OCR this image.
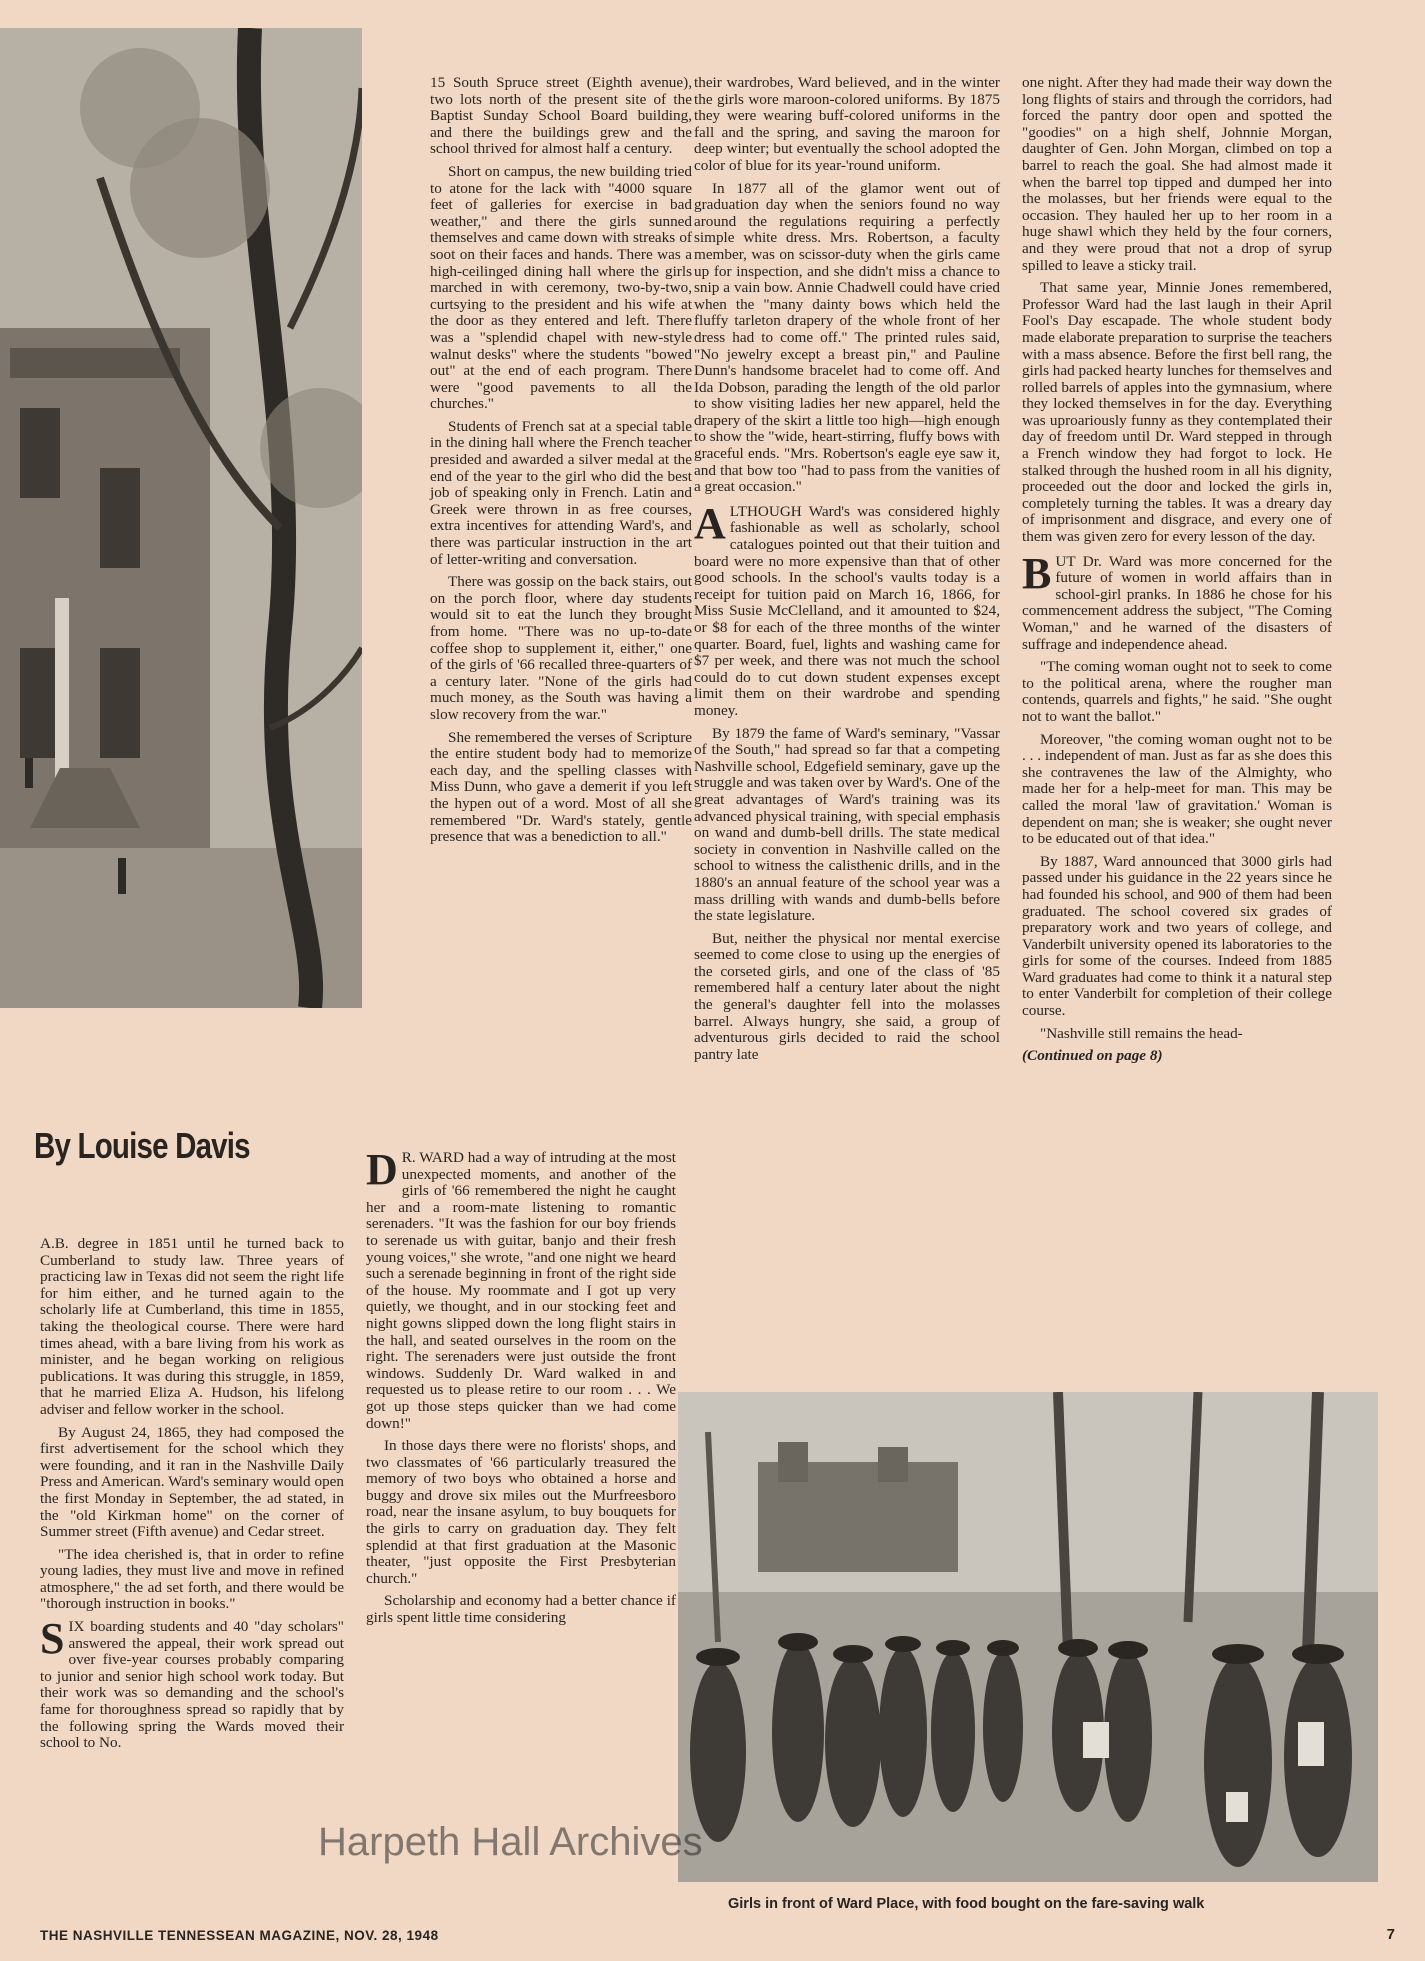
By Louise Davis

A.B. degree in 1851 until he turned back to Cumberland to study law. Three years of practicing law in Texas did not seem the right life for him either, and he turned again to the scholarly life at Cumberland, this time in 1855, taking the theological course. There were hard times ahead, with a bare living from his work as minister, and he began working on religious publications. It was during this struggle, in 1859, that he married Eliza A. Hudson, his lifelong adviser and fellow worker in the school.

By August 24, 1865, they had composed the first advertisement for the school which they were founding, and it ran in the Nashville Daily Press and American. Ward's seminary would open the first Monday in September, the ad stated, in the "old Kirkman home" on the corner of Summer street (Fifth avenue) and Cedar street.

"The idea cherished is, that in order to refine young ladies, they must live and move in refined atmosphere," the ad set forth, and there would be "thorough instruction in books."

SIX boarding students and 40 "day scholars" answered the appeal, their work spread out over five-year courses probably comparing to junior and senior high school work today. But their work was so demanding and the school's fame for thoroughness spread so rapidly that by the following spring the Wards moved their school to No.

15 South Spruce street (Eighth avenue), two lots north of the present site of the Baptist Sunday School Board building, and there the buildings grew and the school thrived for almost half a century.

Short on campus, the new building tried to atone for the lack with "4000 square feet of galleries for exercise in bad weather," and there the girls sunned themselves and came down with streaks of soot on their faces and hands. There was a high-ceilinged dining hall where the girls marched in with ceremony, two-by-two, curtsying to the president and his wife at the door as they entered and left. There was a "splendid chapel with new-style walnut desks" where the students "bowed out" at the end of each program. There were "good pavements to all the churches."

Students of French sat at a special table in the dining hall where the French teacher presided and awarded a silver medal at the end of the year to the girl who did the best job of speaking only in French. Latin and Greek were thrown in as free courses, extra incentives for attending Ward's, and there was particular instruction in the art of letter-writing and conversation.

There was gossip on the back stairs, out on the porch floor, where day students would sit to eat the lunch they brought from home. "There was no up-to-date coffee shop to supplement it, either," one of the girls of '66 recalled three-quarters of a century later. "None of the girls had much money, as the South was having a slow recovery from the war."

She remembered the verses of Scripture the entire student body had to memorize each day, and the spelling classes with Miss Dunn, who gave a demerit if you left the hypen out of a word. Most of all she remembered "Dr. Ward's stately, gentle presence that was a benediction to all."

D R. WARD had a way of intruding at the most unexpected moments, and another of the girls of '66 remembered the night he caught her and a room-mate listening to romantic serenaders. "It was the fashion for our boy friends to serenade us with guitar, banjo and their fresh young voices," she wrote, "and one night we heard such a serenade beginning in front of the right side of the house. My roommate and I got up very quietly, we thought, and in our stocking feet and night gowns slipped down the long flight stairs in the hall, and seated ourselves in the room on the right. The serenaders were just outside the front windows. Suddenly Dr. Ward walked in and requested us to please retire to our room . . . We got up those steps quicker than we had come down!"

In those days there were no florists' shops, and two classmates of '66 particularly treasured the memory of two boys who obtained a horse and buggy and drove six miles out the Murfreesboro road, near the insane asylum, to buy bouquets for the girls to carry on graduation day. They felt splendid at that first graduation at the Masonic theater, "just opposite the First Presbyterian church."

Scholarship and economy had a better chance if girls spent little time considering

their wardrobes, Ward believed, and in the winter the girls wore maroon-colored uniforms. By 1875 they were wearing buff-colored uniforms in the fall and the spring, and saving the maroon for deep winter; but eventually the school adopted the color of blue for its year-'round uniform.

In 1877 all of the glamor went out of graduation day when the seniors found no way around the regulations requiring a perfectly simple white dress. Mrs. Robertson, a faculty member, was on scissor-duty when the girls came up for inspection, and she didn't miss a chance to snip a vain bow. Annie Chadwell could have cried when the "many dainty bows which held the fluffy tarleton drapery of the whole front of her dress had to come off." The printed rules said, "No jewelry except a breast pin," and Pauline Dunn's handsome bracelet had to come off. And Ida Dobson, parading the length of the old parlor to show visiting ladies her new apparel, held the drapery of the skirt a little too high—high enough to show the "wide, heart-stirring, fluffy bows with graceful ends. "Mrs. Robertson's eagle eye saw it, and that bow too "had to pass from the vanities of a great occasion."

ALTHOUGH Ward's was considered highly fashionable as well as scholarly, school catalogues pointed out that their tuition and board were no more expensive than that of other good schools. In the school's vaults today is a receipt for tuition paid on March 16, 1866, for Miss Susie McClelland, and it amounted to $24, or $8 for each of the three months of the winter quarter. Board, fuel, lights and washing came for $7 per week, and there was not much the school could do to cut down student expenses except limit them on their wardrobe and spending money.

By 1879 the fame of Ward's seminary, "Vassar of the South," had spread so far that a competing Nashville school, Edgefield seminary, gave up the struggle and was taken over by Ward's. One of the great advantages of Ward's training was its advanced physical training, with special emphasis on wand and dumb-bell drills. The state medical society in convention in Nashville called on the school to witness the calisthenic drills, and in the 1880's an annual feature of the school year was a mass drilling with wands and dumb-bells before the state legislature.

But, neither the physical nor mental exercise seemed to come close to using up the energies of the corseted girls, and one of the class of '85 remembered half a century later about the night the general's daughter fell into the molasses barrel. Always hungry, she said, a group of adventurous girls decided to raid the school pantry late

one night. After they had made their way down the long flights of stairs and through the corridors, had forced the pantry door open and spotted the "goodies" on a high shelf, Johnnie Morgan, daughter of Gen. John Morgan, climbed on top a barrel to reach the goal. She had almost made it when the barrel top tipped and dumped her into the molasses, but her friends were equal to the occasion. They hauled her up to her room in a huge shawl which they held by the four corners, and they were proud that not a drop of syrup spilled to leave a sticky trail.

That same year, Minnie Jones remembered, Professor Ward had the last laugh in their April Fool's Day escapade. The whole student body made elaborate preparation to surprise the teachers with a mass absence. Before the first bell rang, the girls had packed hearty lunches for themselves and rolled barrels of apples into the gymnasium, where they locked themselves in for the day. Everything was uproariously funny as they contemplated their day of freedom until Dr. Ward stepped in through a French window they had forgot to lock. He stalked through the hushed room in all his dignity, proceeded out the door and locked the girls in, completely turning the tables. It was a dreary day of imprisonment and disgrace, and every one of them was given zero for every lesson of the day.

BUT Dr. Ward was more concerned for the future of women in world affairs than in school-girl pranks. In 1886 he chose for his commencement address the subject, "The Coming Woman," and he warned of the disasters of suffrage and independence ahead.

"The coming woman ought not to seek to come to the political arena, where the rougher man contends, quarrels and fights," he said. "She ought not to want the ballot."

Moreover, "the coming woman ought not to be . . . independent of man. Just as far as she does this she contravenes the law of the Almighty, who made her for a help-meet for man. This may be called the moral 'law of gravitation.' Woman is dependent on man; she is weaker; she ought never to be educated out of that idea."

By 1887, Ward announced that 3000 girls had passed under his guidance in the 22 years since he had founded his school, and 900 of them had been graduated. The school covered six grades of preparatory work and two years of college, and Vanderbilt university opened its laboratories to the girls for some of the courses. Indeed from 1885 Ward graduates had come to think it a natural step to enter Vanderbilt for completion of their college course.

"Nashville still remains the head-

(Continued on page 8)

Harpeth Hall Archives
Girls in front of Ward Place, with food bought on the fare-saving walk
THE NASHVILLE TENNESSEAN MAGAZINE, NOV. 28, 1948	7
